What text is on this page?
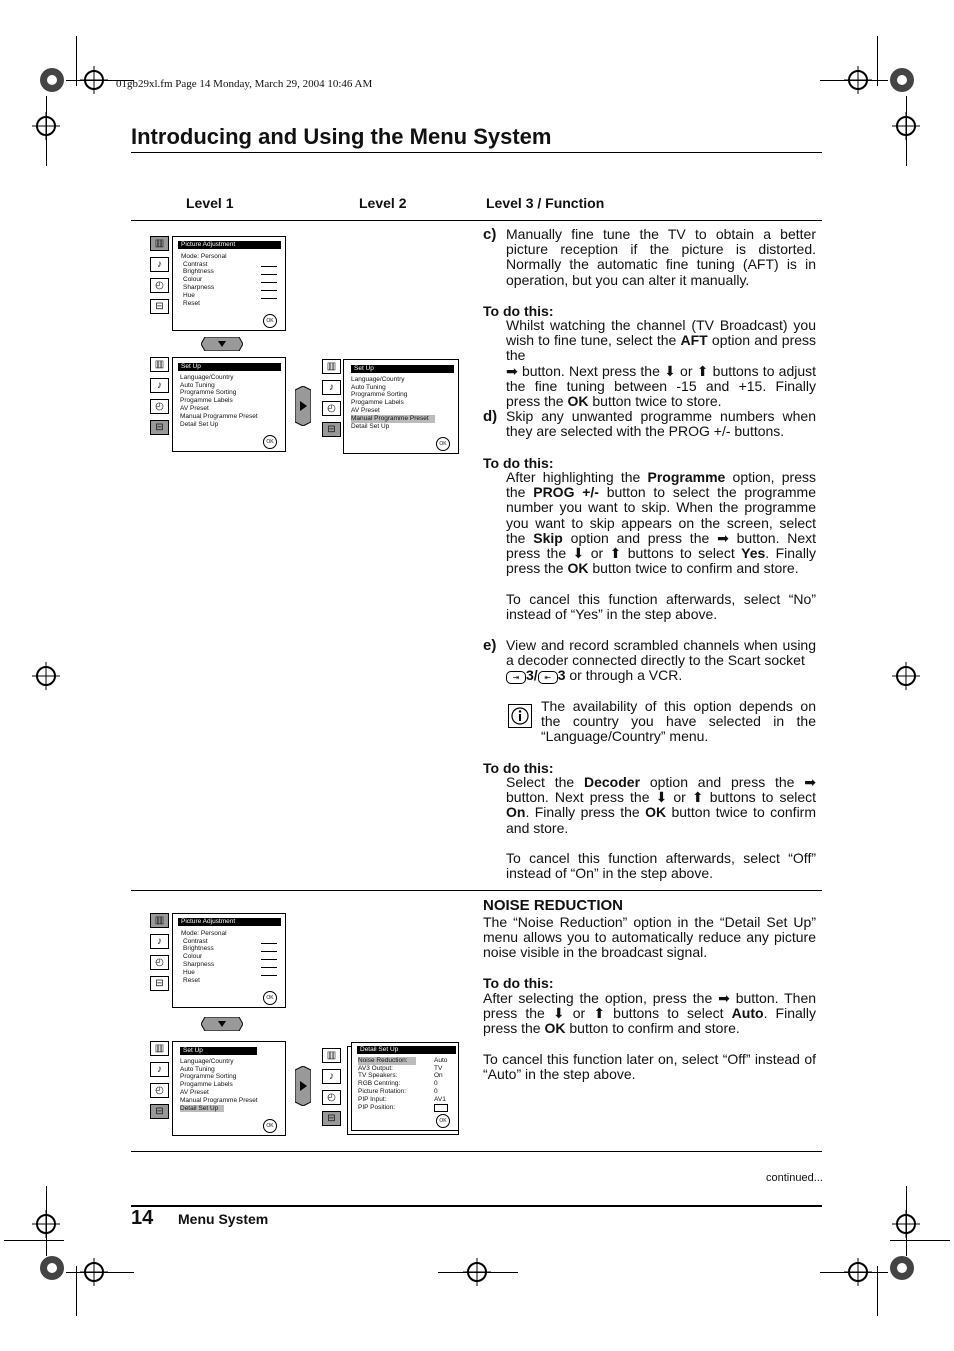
01gb29xl.fm Page 14 Monday, March 29, 2004 10:46 AM
Introducing and Using the Menu System
Level 1	Level 2	Level 3 / Function
▥
♪
◴
⊟
Picture Adjustment
Mode: Personal
Contrast
Brightness
Colour
Sharpness
Hue
Reset
OK
▥
♪
◴
⊟
Set Up
Language/Country
Auto Tuning
Programme Sorting
Progamme Labels
AV Preset
Manual Programme Preset
Detail Set Up
OK
▥
♪
◴
⊟
Set Up
Language/Country
Auto Tuning
Programme Sorting
Progamme Labels
AV Preset
Manual Programme Preset
Detail Set Up
OK
c) Manually fine tune the TV to obtain a better picture reception if the picture is distorted. Normally the automatic fine tuning (AFT) is in operation, but you can alter it manually.
To do this:
Whilst watching the channel (TV Broadcast) you wish to fine tune, select the AFT option and press the
➡ button. Next press the ⬇ or ⬆ buttons to adjust the fine tuning between -15 and +15. Finally press the OK button twice to store.
d) Skip any unwanted programme numbers when they are selected with the PROG +/- buttons.
To do this:
After highlighting the Programme option, press the PROG +/- button to select the programme number you want to skip. When the programme you want to skip appears on the screen, select the Skip option and press the ➡ button. Next press the ⬇ or ⬆ buttons to select Yes. Finally press the OK button twice to confirm and store.
To cancel this function afterwards, select “No” instead of “Yes” in the step above.
e) View and record scrambled channels when using a decoder connected directly to the Scart socket
⇥ 3/ ⇤ 3 or through a VCR.
The availability of this option depends on the country you have selected in the “Language/Country” menu.
To do this:
Select the Decoder option and press the ➡ button. Next press the ⬇ or ⬆ buttons to select On. Finally press the OK button twice to confirm and store.
To cancel this function afterwards, select “Off” instead of “On” in the step above.
▥
♪
◴
⊟
Picture Adjustment
Mode: Personal
Contrast
Brightness
Colour
Sharpness
Hue
Reset
OK
▥
♪
◴
⊟
Set Up
Language/Country
Auto Tuning
Programme Sorting
Progamme Labels
AV Preset
Manual Programme Preset
Detail Set Up
OK
▥
♪
◴
⊟
Detail Set Up
Noise Reduction:
AV3 Output:
TV Speakers:
RGB Centring:
Picture Rotation:
PIP Input:
PIP Position:
Auto
TV
On
0
0
AV1
OK
NOISE REDUCTION
The “Noise Reduction” option in the “Detail Set Up” menu allows you to automatically reduce any picture noise visible in the broadcast signal.
To do this:
After selecting the option, press the ➡ button. Then press the ⬇ or ⬆ buttons to select Auto. Finally press the OK button to confirm and store.
To cancel this function later on, select “Off” instead of “Auto” in the step above.
continued...
14 Menu System
